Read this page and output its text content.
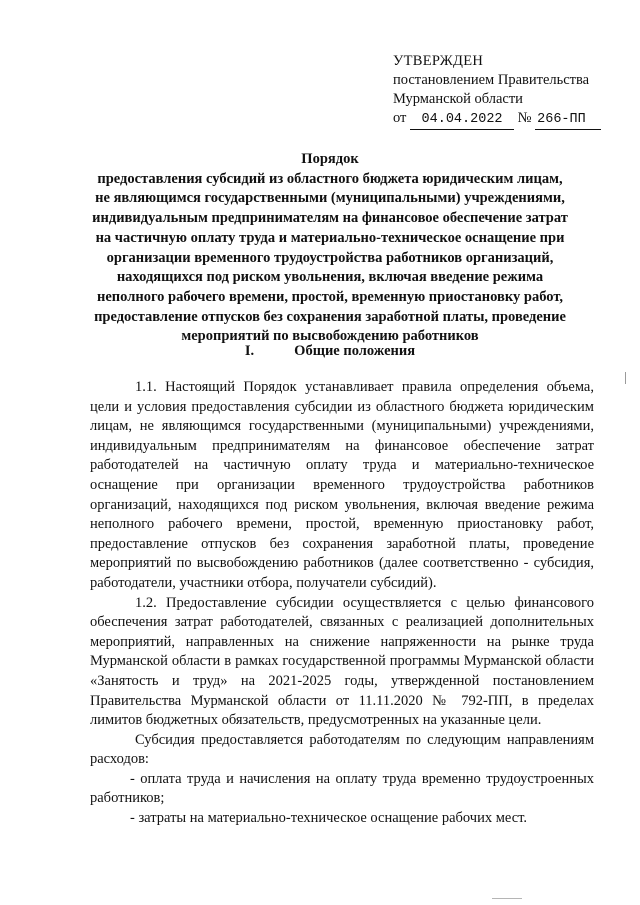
УТВЕРЖДЕН
постановлением Правительства
Мурманской области
от 04.04.2022 № 266-ПП
Порядок
предоставления субсидий из областного бюджета юридическим лицам,
не являющимся государственными (муниципальными) учреждениями,
индивидуальным предпринимателям на финансовое обеспечение затрат
на частичную оплату труда и материально-техническое оснащение при
организации временного трудоустройства работников организаций,
находящихся под риском увольнения, включая введение режима
неполного рабочего времени, простой, временную приостановку работ,
предоставление отпусков без сохранения заработной платы, проведение
мероприятий по высвобождению работников
I.	Общие положения

1.1. Настоящий Порядок устанавливает правила определения объема, цели и условия предоставления субсидии из областного бюджета юридическим лицам, не являющимся государственными (муниципальными) учреждениями, индивидуальным предпринимателям на финансовое обеспечение затрат работодателей на частичную оплату труда и материально-техническое оснащение при организации временного трудоустройства работников организаций, находящихся под риском увольнения, включая введение режима неполного рабочего времени, простой, временную приостановку работ, предоставление отпусков без сохранения заработной платы, проведение мероприятий по высвобождению работников (далее соответственно - субсидия, работодатели, участники отбора, получатели субсидий).

1.2. Предоставление субсидии осуществляется с целью финансового обеспечения затрат работодателей, связанных с реализацией дополнительных мероприятий, направленных на снижение напряженности на рынке труда Мурманской области в рамках государственной программы Мурманской области «Занятость и труд» на 2021-2025 годы, утвержденной постановлением Правительства Мурманской области от 11.11.2020 № 792-ПП, в пределах лимитов бюджетных обязательств, предусмотренных на указанные цели.

Субсидия предоставляется работодателям по следующим направлениям расходов:

- оплата труда и начисления на оплату труда временно трудоустроенных работников;

- затраты на материально-техническое оснащение рабочих мест.
